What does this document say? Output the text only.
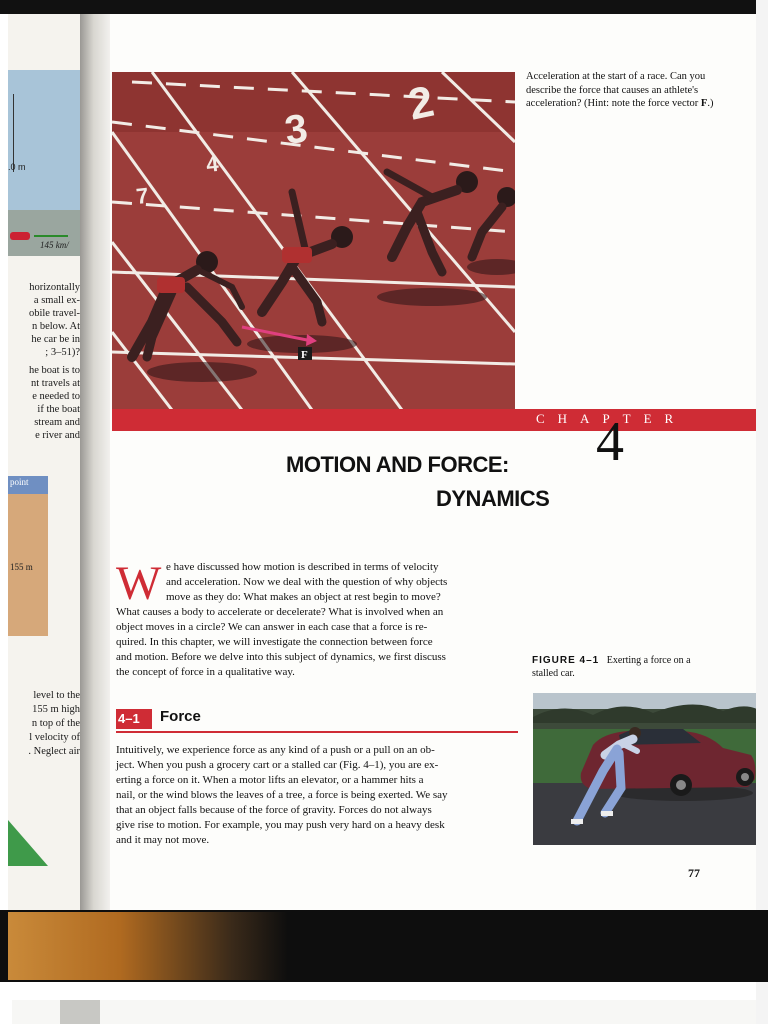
.0 m
145 km/
horizontally
a small ex-
obile travel-
n below. At
he car be in
; 3–51)?
he boat is to
nt travels at
e needed to
if the boat
stream and
e river and
point
155 m
level to the
155 m high
n top of the
l velocity of
. Neglect air
2
3
4
7
F
Acceleration at the start of a race. Can you describe the force that causes an athlete's acceleration? (Hint: note the force vector F.)
CHAPTER
4
MOTION AND FORCE:
DYNAMICS
W e have discussed how motion is described in terms of velocity
and acceleration. Now we deal with the question of why objects
move as they do: What makes an object at rest begin to move?
What causes a body to accelerate or decelerate? What is involved when an
object moves in a circle? We can answer in each case that a force is re-
quired. In this chapter, we will investigate the connection between force
and motion. Before we delve into this subject of dynamics, we first discuss
the concept of force in a qualitative way.
4–1 Force
Intuitively, we experience force as any kind of a push or a pull on an ob-
ject. When you push a grocery cart or a stalled car (Fig. 4–1), you are ex-
erting a force on it. When a motor lifts an elevator, or a hammer hits a
nail, or the wind blows the leaves of a tree, a force is being exerted. We say
that an object falls because of the force of gravity. Forces do not always
give rise to motion. For example, you may push very hard on a heavy desk
and it may not move.
FIGURE 4–1 Exerting a force on a stalled car.
77
